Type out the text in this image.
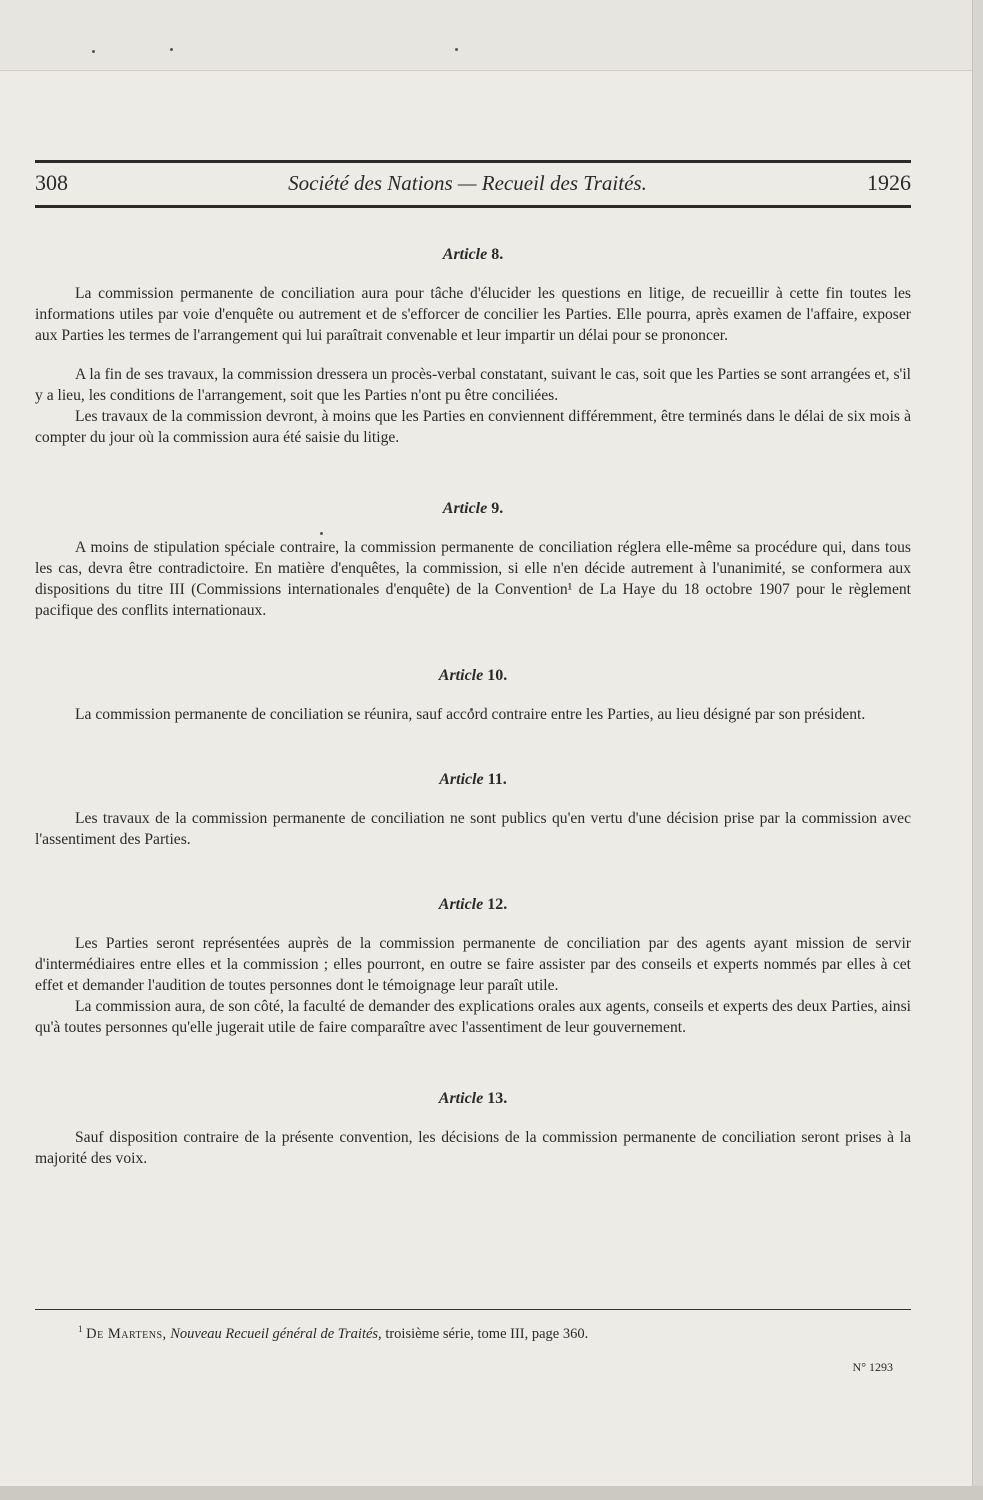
308	Société des Nations — Recueil des Traités.	1926
Article 8.

La commission permanente de conciliation aura pour tâche d'élucider les questions en litige, de recueillir à cette fin toutes les informations utiles par voie d'enquête ou autrement et de s'efforcer de concilier les Parties. Elle pourra, après examen de l'affaire, exposer aux Parties les termes de l'arrangement qui lui paraîtrait convenable et leur impartir un délai pour se prononcer.

A la fin de ses travaux, la commission dressera un procès-verbal constatant, suivant le cas, soit que les Parties se sont arrangées et, s'il y a lieu, les conditions de l'arrangement, soit que les Parties n'ont pu être conciliées.

Les travaux de la commission devront, à moins que les Parties en conviennent différemment, être terminés dans le délai de six mois à compter du jour où la commission aura été saisie du litige.

Article 9.

A moins de stipulation spéciale contraire, la commission permanente de conciliation réglera elle-même sa procédure qui, dans tous les cas, devra être contradictoire. En matière d'enquêtes, la commission, si elle n'en décide autrement à l'unanimité, se conformera aux dispositions du titre III (Commissions internationales d'enquête) de la Convention¹ de La Haye du 18 octobre 1907 pour le règlement pacifique des conflits internationaux.

Article 10.

La commission permanente de conciliation se réunira, sauf accord contraire entre les Parties, au lieu désigné par son président.

Article 11.

Les travaux de la commission permanente de conciliation ne sont publics qu'en vertu d'une décision prise par la commission avec l'assentiment des Parties.

Article 12.

Les Parties seront représentées auprès de la commission permanente de conciliation par des agents ayant mission de servir d'intermédiaires entre elles et la commission ; elles pourront, en outre se faire assister par des conseils et experts nommés par elles à cet effet et demander l'audition de toutes personnes dont le témoignage leur paraît utile.

La commission aura, de son côté, la faculté de demander des explications orales aux agents, conseils et experts des deux Parties, ainsi qu'à toutes personnes qu'elle jugerait utile de faire comparaître avec l'assentiment de leur gouvernement.

Article 13.

Sauf disposition contraire de la présente convention, les décisions de la commission permanente de conciliation seront prises à la majorité des voix.

$^1$ De Martens, Nouveau Recueil général de Traités, troisième série, tome III, page 360.
N° 1293
